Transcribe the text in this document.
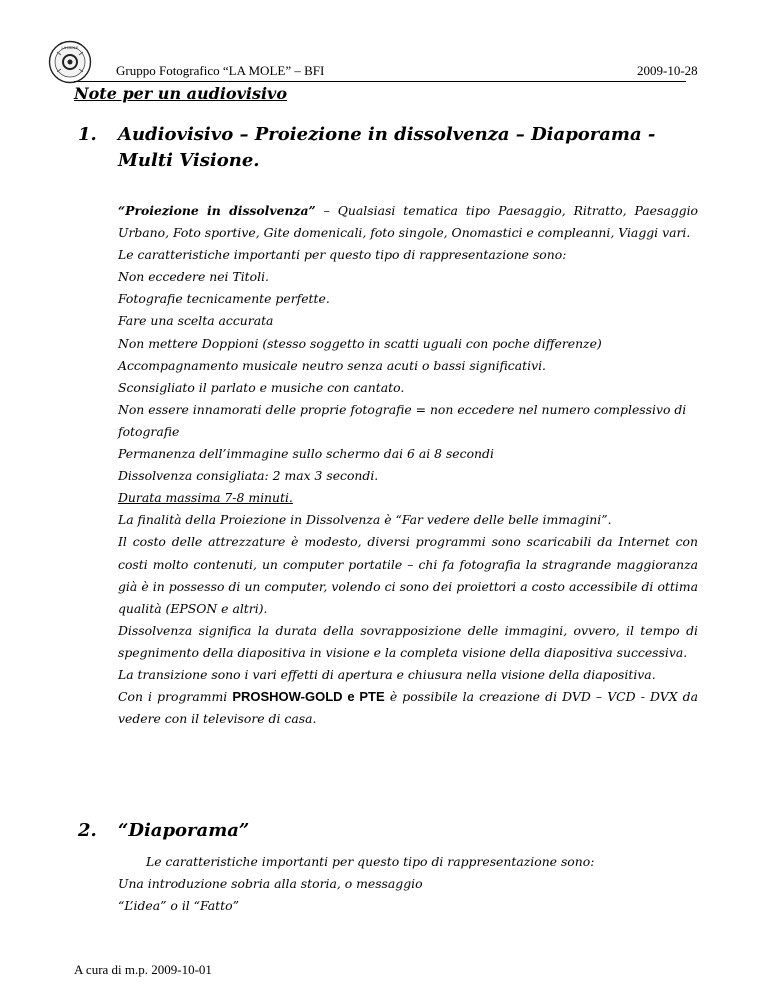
LA MOLE
Gruppo Fotografico “LA MOLE” – BFI	2009-10-28
Note per un audiovisivo
1. Audiovisivo – Proiezione in dissolvenza – Diaporama - Multi Visione.

“Proiezione in dissolvenza” – Qualsiasi tematica tipo Paesaggio, Ritratto, Paesaggio Urbano, Foto sportive, Gite domenicali, foto singole, Onomastici e compleanni, Viaggi vari.

Le caratteristiche importanti per questo tipo di rappresentazione sono:

Non eccedere nei Titoli.

Fotografie tecnicamente perfette.

Fare una scelta accurata

Non mettere Doppioni (stesso soggetto in scatti uguali con poche differenze)

Accompagnamento musicale neutro senza acuti o bassi significativi.

Sconsigliato il parlato e musiche con cantato.

Non essere innamorati delle proprie fotografie = non eccedere nel numero complessivo di fotografie

Permanenza dell’immagine sullo schermo dai 6 ai 8 secondi

Dissolvenza consigliata: 2 max 3 secondi.

Durata massima 7-8 minuti.

La finalità della Proiezione in Dissolvenza è “Far vedere delle belle immagini”.

Il costo delle attrezzature è modesto, diversi programmi sono scaricabili da Internet con costi molto contenuti, un computer portatile – chi fa fotografia la stragrande maggioranza già è in possesso di un computer, volendo ci sono dei proiettori a costo accessibile di ottima qualità (EPSON e altri).

Dissolvenza significa la durata della sovrapposizione delle immagini, ovvero, il tempo di spegnimento della diapositiva in visione e la completa visione della diapositiva successiva.

La transizione sono i vari effetti di apertura e chiusura nella visione della diapositiva.

Con i programmi PROSHOW-GOLD e PTE è possibile la creazione di DVD – VCD - DVX da vedere con il televisore di casa.

2. “Diaporama”

Le caratteristiche importanti per questo tipo di rappresentazione sono:

Una introduzione sobria alla storia, o messaggio

“L’idea” o il “Fatto”

A cura di m.p. 2009-10-01
